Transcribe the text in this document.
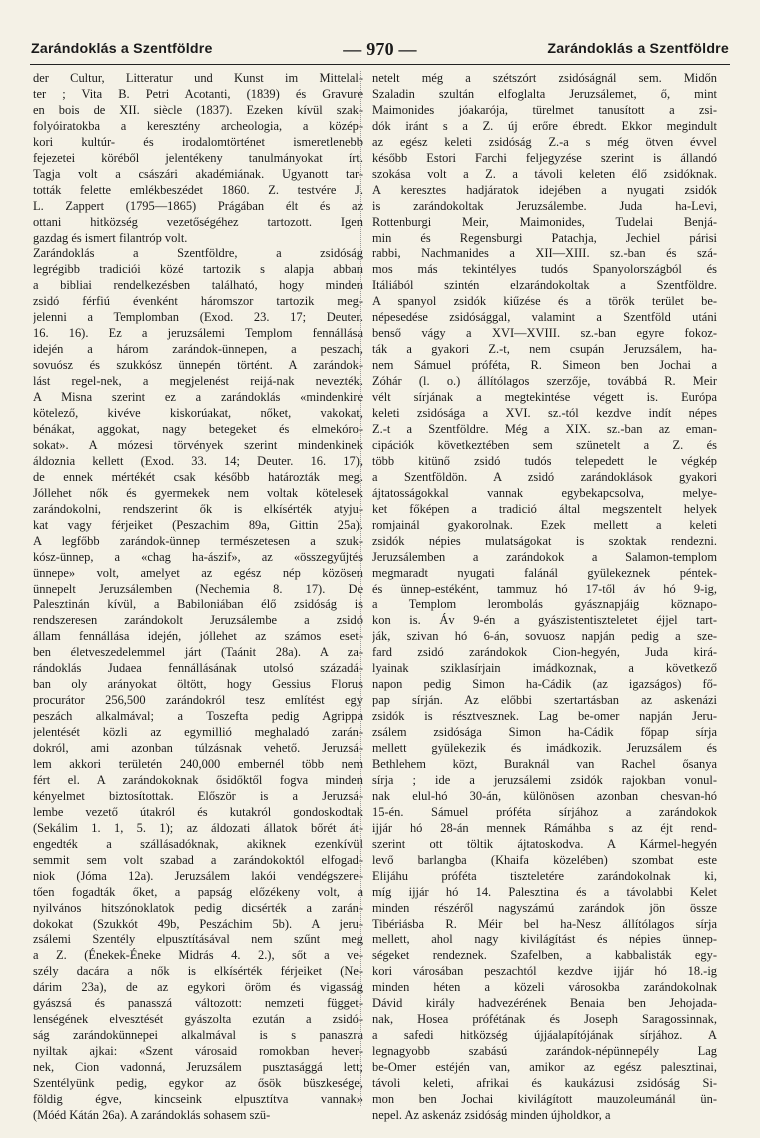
Zarándoklás a Szentföldre	— 970 —	Zarándoklás a Szentföldre
der Cultur, Litteratur und Kunst im Mittelal-
ter ; Vita B. Petri Acotanti, (1839) és Gravure
en bois de XII. siècle (1837). Ezeken kívül szak-
folyóiratokba a keresztény archeologia, a közép-
kori kultúr- és irodalomtörténet ismeretlenebb
fejezetei köréből jelentékeny tanulmányokat írt.
Tagja volt a császári akadémiának. Ugyanott tar-
tották felette emlékbeszédet 1860. Z. testvére J.
L. Zappert (1795—1865) Prágában élt és az
ottani hitközség vezetőségéhez tartozott. Igen
gazdag és ismert filantróp volt.
Zarándoklás a Szentföldre, a zsidóság
legrégibb tradiciói közé tartozik s alapja abban
a bibliai rendelkezésben található, hogy minden
zsidó férfiú évenként háromszor tartozik meg-
jelenni a Templomban (Exod. 23. 17; Deuter.
16. 16). Ez a jeruzsálemi Templom fennállása
idején a három zarándok-ünnepen, a peszach,
sovuósz és szukkósz ünnepén történt. A zarándok-
lást regel-nek, a megjelenést reijá-nak nevezték.
A Misna szerint ez a zarándoklás «mindenkire
kötelező, kivéve kiskorúakat, nőket, vakokat,
bénákat, aggokat, nagy betegeket és elmekóro-
sokat». A mózesi törvények szerint mindenkinek
áldoznia kellett (Exod. 33. 14; Deuter. 16. 17),
de ennek mértékét csak később határozták meg.
Jóllehet nők és gyermekek nem voltak kötelesek
zarándokolni, rendszerint ők is elkísérték atyju-
kat vagy férjeiket (Peszachim 89a, Gittin 25a).
A legfőbb zarándok-ünnep természetesen a szuk-
kósz-ünnep, a «chag ha-ászif», az «összegyűjtés
ünnepe» volt, amelyet az egész nép közösen
ünnepelt Jeruzsálemben (Nechemia 8. 17). De
Palesztinán kívül, a Babiloniában élő zsidóság is
rendszeresen zarándokolt Jeruzsálembe a zsidó
állam fennállása idején, jóllehet az számos eset-
ben életveszedelemmel járt (Taánit 28a). A za-
rándoklás Judaea fennállásának utolsó századá-
ban oly arányokat öltött, hogy Gessius Florus
procurátor 256,500 zarándokról tesz említést egy
peszách alkalmával; a Toszefta pedig Agrippa
jelentését közli az egymillió meghaladó zarán-
dokról, ami azonban túlzásnak vehető. Jeruzsá-
lem akkori területén 240,000 embernél több nem
fért el. A zarándokoknak ősidőktől fogva minden
kényelmet biztosítottak. Először is a Jeruzsá-
lembe vezető útakról és kutakról gondoskodtak
(Sekálim 1. 1, 5. 1); az áldozati állatok bőrét át-
engedték a szállásadóknak, akiknek ezenkívül
semmit sem volt szabad a zarándokoktól elfogad-
niok (Jóma 12a). Jeruzsálem lakói vendégszere-
tően fogadták őket, a papság előzékeny volt, a
nyilvános hitszónoklatok pedig dicsérték a zarán-
dokokat (Szukkót 49b, Peszáchim 5b). A jeru-
zsálemi Szentély elpusztításával nem szűnt meg
a Z. (Énekek-Éneke Midrás 4. 2.), sőt a ve-
szély dacára a nők is elkísérték férjeiket (Ne-
dárim 23a), de az egykori öröm és vigasság
gyászsá és panasszá változott: nemzeti függet-
lenségének elvesztését gyászolta ezután a zsidó-
ság zarándokünnepei alkalmával is s panaszra
nyiltak ajkai: «Szent városaid romokban hever-
nek, Cion vadonná, Jeruzsálem pusztasággá lett;
Szentélyünk pedig, egykor az ősök büszkesége,
földig égve, kincseink elpusztítva vannak»
(Móéd Kátán 26a). A zarándoklás sohasem szü-
netelt még a szétszórt zsidóságnál sem. Midőn
Szaladin szultán elfoglalta Jeruzsálemet, ő, mint
Maimonides jóakarója, türelmet tanusított a zsi-
dók iránt s a Z. új erőre ébredt. Ekkor megindult
az egész keleti zsidóság Z.-a s még ötven évvel
később Estori Farchi feljegyzése szerint is állandó
szokása volt a Z. a távoli keleten élő zsidóknak.
A keresztes hadjáratok idejében a nyugati zsidók
is zarándokoltak Jeruzsálembe. Juda ha-Levi,
Rottenburgi Meir, Maimonides, Tudelai Benjá-
min és Regensburgi Patachja, Jechiel párisi
rabbi, Nachmanides a XII—XIII. sz.-ban és szá-
mos más tekintélyes tudós Spanyolországból és
Itáliából szintén elzarándokoltak a Szentföldre.
A spanyol zsidók kiűzése és a török terület be-
népesedése zsidósággal, valamint a Szentföld utáni
benső vágy a XVI—XVIII. sz.-ban egyre fokoz-
ták a gyakori Z.-t, nem csupán Jeruzsálem, ha-
nem Sámuel próféta, R. Simeon ben Jochai a
Zóhár (l. o.) állítólagos szerzője, továbbá R. Meir
vélt sírjának a megtekintése végett is. Európa
keleti zsidósága a XVI. sz.-tól kezdve indít népes
Z.-t a Szentföldre. Még a XIX. sz.-ban az eman-
cipációk következtében sem szünetelt a Z. és
több kitünő zsidó tudós telepedett le végkép
a Szentföldön. A zsidó zarándoklások gyakori
ájtatosságokkal vannak egybekapcsolva, melye-
ket főképen a tradició által megszentelt helyek
romjainál gyakorolnak. Ezek mellett a keleti
zsidók népies mulatságokat is szoktak rendezni.
Jeruzsálemben a zarándokok a Salamon-templom
megmaradt nyugati falánál gyülekeznek péntek-
és ünnep-estéként, tammuz hó 17-től áv hó 9-ig,
a Templom lerombolás gyásznapjáig köznapo-
kon is. Áv 9-én a gyászistentiszteletet éjjel tart-
ják, szivan hó 6-án, sovuosz napján pedig a sze-
fard zsidó zarándokok Cion-hegyén, Juda kirá-
lyainak sziklasírjain imádkoznak, a következő
napon pedig Simon ha-Cádik (az igazságos) fő-
pap sírján. Az előbbi szertartásban az askenázi
zsidók is résztvesznek. Lag be-omer napján Jeru-
zsálem zsidósága Simon ha-Cádik főpap sírja
mellett gyülekezik és imádkozik. Jeruzsálem és
Bethlehem közt, Buraknál van Rachel ősanya
sírja ; ide a jeruzsálemi zsidók rajokban vonul-
nak elul-hó 30-án, különösen azonban chesvan-hó
15-én. Sámuel próféta sírjához a zarándokok
ijjár hó 28-án mennek Rámáhba s az éjt rend-
szerint ott töltik ájtatoskodva. A Kármel-hegyén
levő barlangba (Khaifa közelében) szombat este
Elijáhu próféta tiszteletére zarándokolnak ki,
míg ijjár hó 14. Palesztina és a távolabbi Kelet
minden részéről nagyszámú zarándok jön össze
Tibériásba R. Méir bel ha-Nesz állítólagos sírja
mellett, ahol nagy kivilágítást és népies ünnep-
ségeket rendeznek. Szafelben, a kabbalisták egy-
kori városában peszachtól kezdve ijjár hó 18.-ig
minden héten a közeli városokba zarándokolnak
Dávid király hadvezérének Benaia ben Jehojada-
nak, Hosea prófétának és Joseph Saragossinnak,
a safedi hitközség újjáalapítójának sírjához. A
legnagyobb szabású zarándok-népünnepély Lag
be-Omer estéjén van, amikor az egész palesztinai,
távoli keleti, afrikai és kaukázusi zsidóság Si-
mon ben Jochai kivilágított mauzoleumánál ün-
nepel. Az askenáz zsidóság minden újholdkor, a
